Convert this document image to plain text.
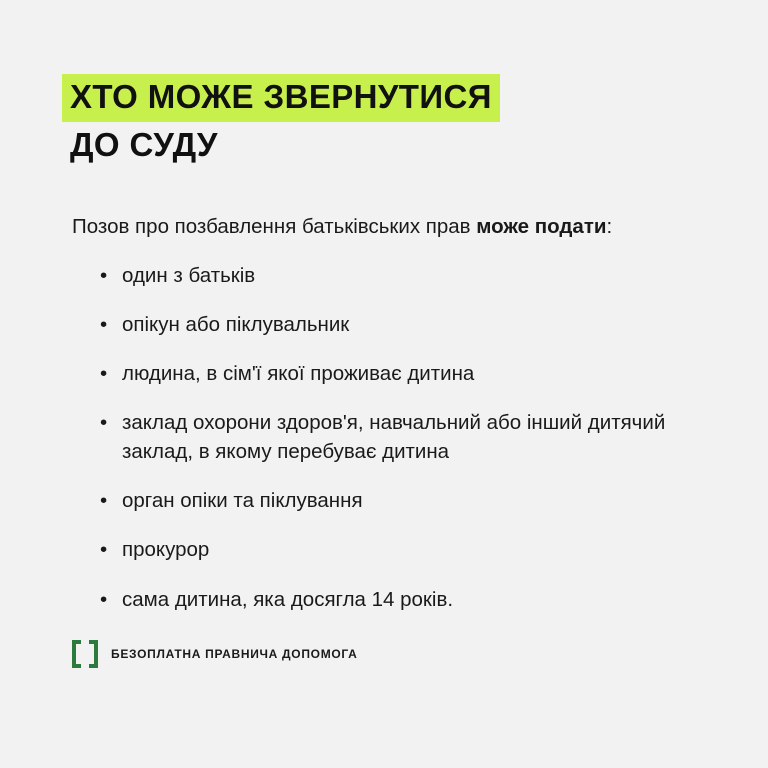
ХТО МОЖЕ ЗВЕРНУТИСЯ
ДО СУДУ

Позов про позбавлення батьківських прав може подати:

• один з батьків
• опікун або піклувальник
• людина, в сім'ї якої проживає дитина
• заклад охорони здоров'я, навчальний або інший дитячий заклад, в якому перебуває дитина
• орган опіки та піклування
• прокурор
• сама дитина, яка досягла 14 років.
БЕЗОПЛАТНА ПРАВНИЧА ДОПОМОГА
